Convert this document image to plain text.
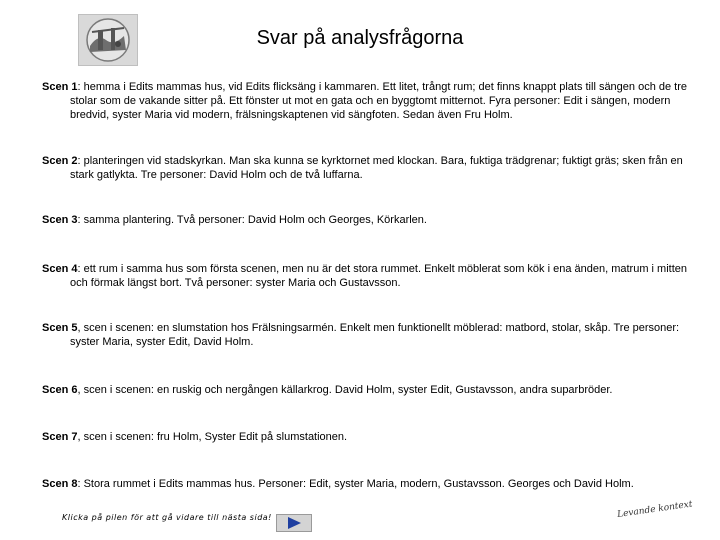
Svar på analysfrågorna
Scen 1: hemma i Edits mammas hus, vid Edits flicksäng i kammaren. Ett litet, trångt rum; det finns knappt plats till sängen och de tre stolar som de vakande sitter på. Ett fönster ut mot en gata och en byggtomt mitternot. Fyra personer: Edit i sängen, modern bredvid, syster Maria vid modern, frälsningskaptenen vid sängfoten. Sedan även Fru Holm.
Scen 2: planteringen vid stadskyrkan. Man ska kunna se kyrktornet med klockan. Bara, fuktiga trädgrenar; fuktigt gräs; sken från en stark gatlykta. Tre personer: David Holm och de två luffarna.
Scen 3: samma plantering. Två personer: David Holm och Georges, Körkarlen.
Scen 4: ett rum i samma hus som första scenen, men nu är det stora rummet. Enkelt möblerat som kök i ena änden, matrum i mitten och förmak längst bort. Två personer: syster Maria och Gustavsson.
Scen 5, scen i scenen: en slumstation hos Frälsningsarmén. Enkelt men funktionellt möblerad: matbord, stolar, skåp. Tre personer: syster Maria, syster Edit, David Holm.
Scen 6, scen i scenen: en ruskig och nergången källarkrog. David Holm, syster Edit, Gustavsson, andra suparbröder.
Scen 7, scen i scenen: fru Holm, Syster Edit på slumstationen.
Scen 8: Stora rummet i Edits mammas hus. Personer: Edit, syster Maria, modern, Gustavsson. Georges och David Holm.
Klicka på pilen för att gå vidare till nästa sida!	Levande kontext
